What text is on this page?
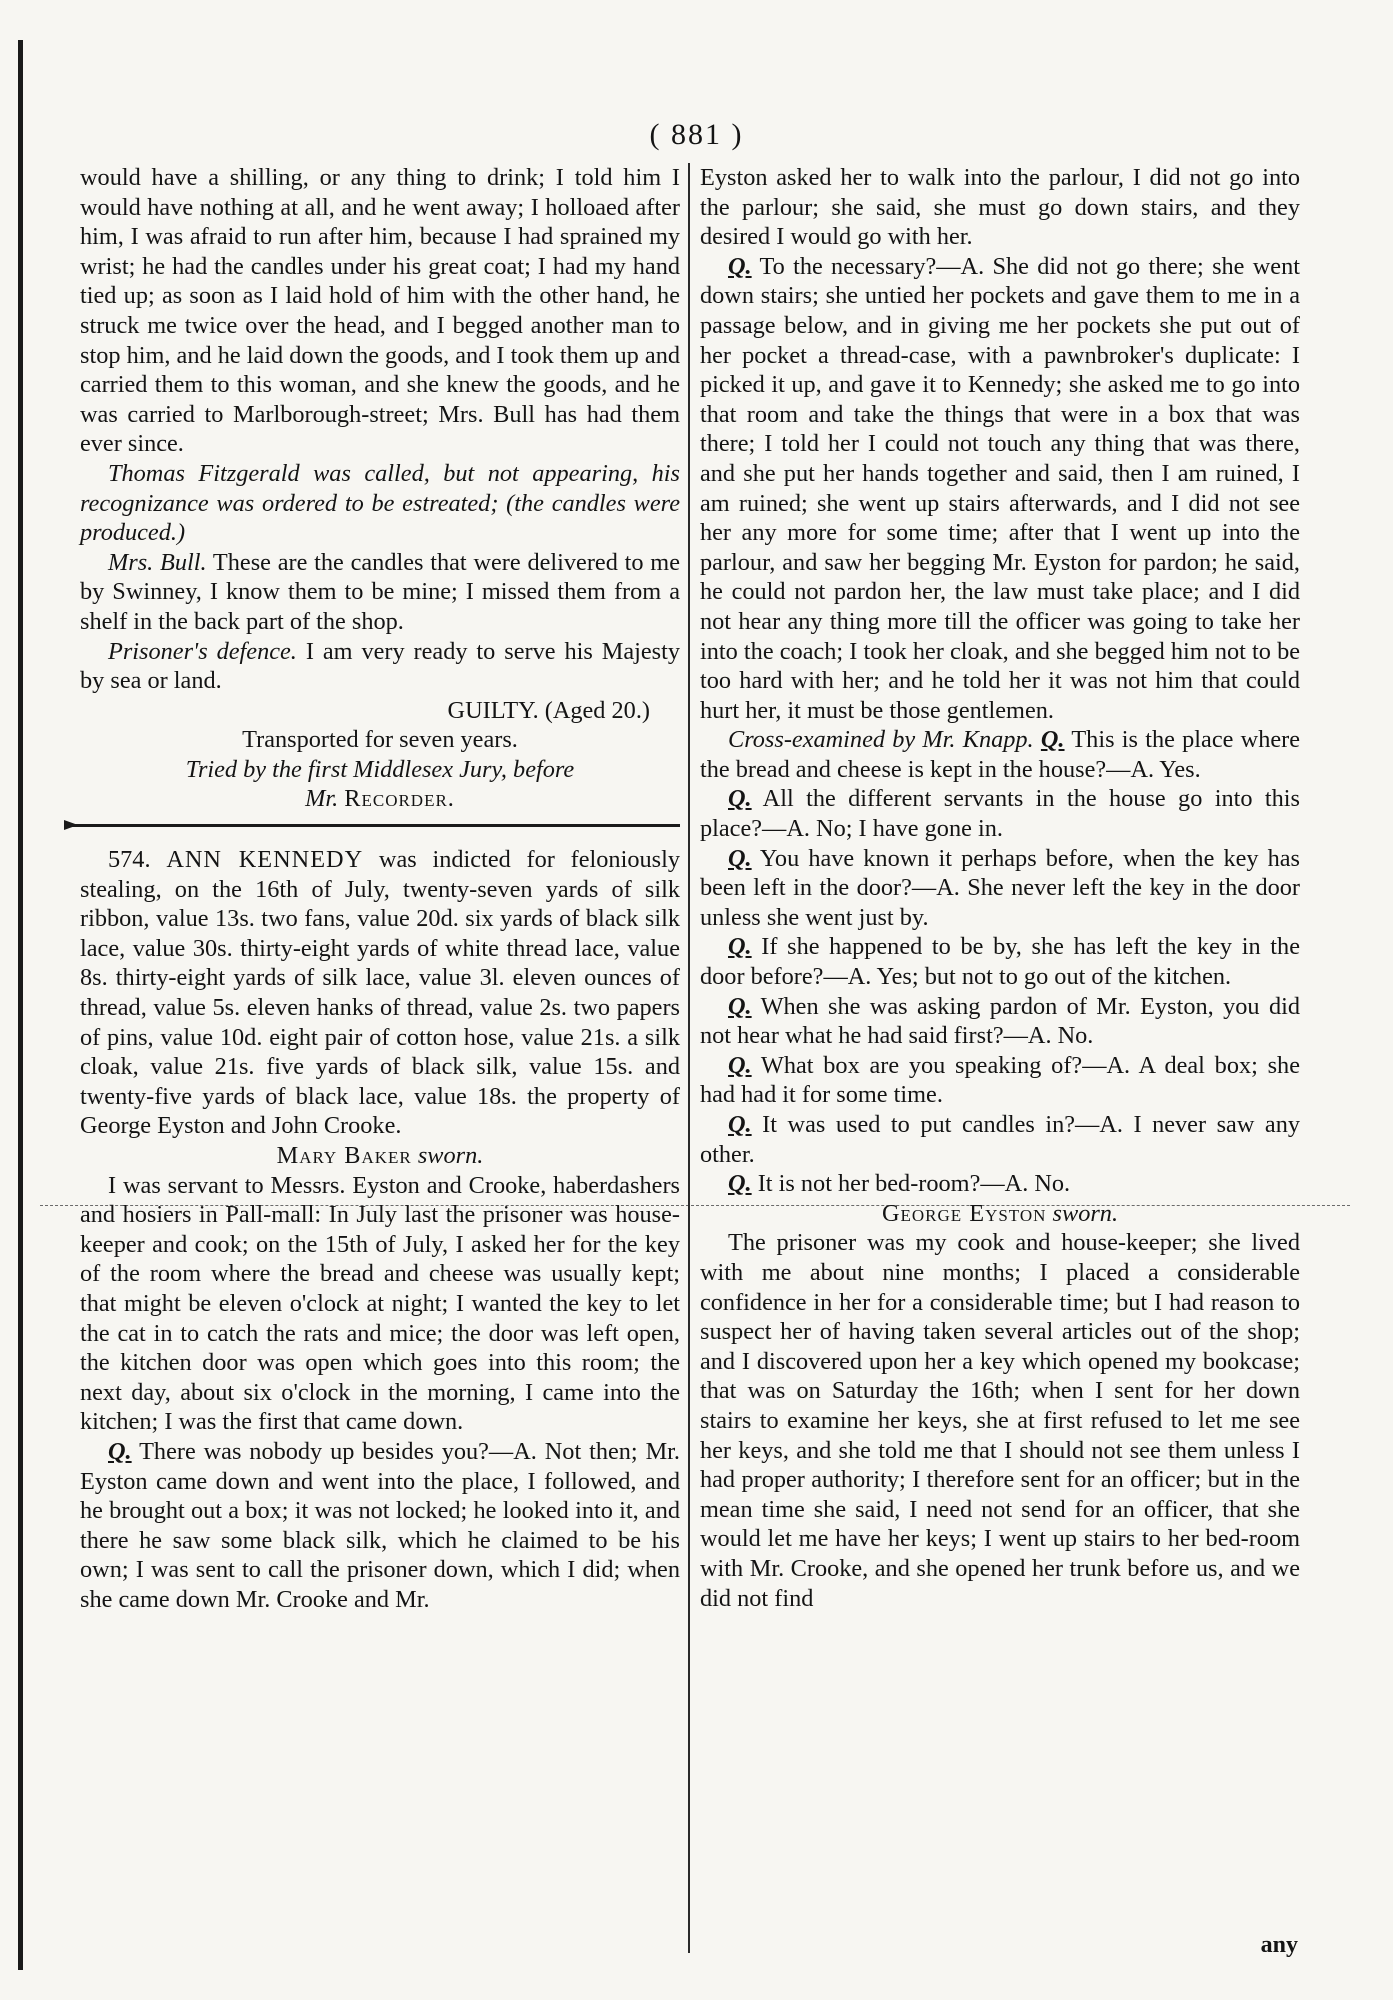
( 881 )

would have a shilling, or any thing to drink; I told him I would have nothing at all, and he went away; I holloaed after him, I was afraid to run after him, because I had sprained my wrist; he had the candles under his great coat; I had my hand tied up; as soon as I laid hold of him with the other hand, he struck me twice over the head, and I begged another man to stop him, and he laid down the goods, and I took them up and carried them to this woman, and she knew the goods, and he was carried to Marlborough-street; Mrs. Bull has had them ever since.

Thomas Fitzgerald was called, but not appearing, his recognizance was ordered to be estreated; (the candles were produced.)

Mrs. Bull. These are the candles that were delivered to me by Swinney, I know them to be mine; I missed them from a shelf in the back part of the shop.

Prisoner's defence. I am very ready to serve his Majesty by sea or land.

GUILTY. (Aged 20.)

Transported for seven years.

Tried by the first Middlesex Jury, before

Mr. Recorder.

574. ANN KENNEDY was indicted for feloniously stealing, on the 16th of July, twenty-seven yards of silk ribbon, value 13s. two fans, value 20d. six yards of black silk lace, value 30s. thirty-eight yards of white thread lace, value 8s. thirty-eight yards of silk lace, value 3l. eleven ounces of thread, value 5s. eleven hanks of thread, value 2s. two papers of pins, value 10d. eight pair of cotton hose, value 21s. a silk cloak, value 21s. five yards of black silk, value 15s. and twenty-five yards of black lace, value 18s. the property of George Eyston and John Crooke.

Mary Baker sworn.

I was servant to Messrs. Eyston and Crooke, haberdashers and hosiers in Pall-mall: In July last the prisoner was house-keeper and cook; on the 15th of July, I asked her for the key of the room where the bread and cheese was usually kept; that might be eleven o'clock at night; I wanted the key to let the cat in to catch the rats and mice; the door was left open, the kitchen door was open which goes into this room; the next day, about six o'clock in the morning, I came into the kitchen; I was the first that came down.

Q. There was nobody up besides you?—A. Not then; Mr. Eyston came down and went into the place, I followed, and he brought out a box; it was not locked; he looked into it, and there he saw some black silk, which he claimed to be his own; I was sent to call the prisoner down, which I did; when she came down Mr. Crooke and Mr.

Eyston asked her to walk into the parlour, I did not go into the parlour; she said, she must go down stairs, and they desired I would go with her.

Q. To the necessary?—A. She did not go there; she went down stairs; she untied her pockets and gave them to me in a passage below, and in giving me her pockets she put out of her pocket a thread-case, with a pawnbroker's duplicate: I picked it up, and gave it to Kennedy; she asked me to go into that room and take the things that were in a box that was there; I told her I could not touch any thing that was there, and she put her hands together and said, then I am ruined, I am ruined; she went up stairs afterwards, and I did not see her any more for some time; after that I went up into the parlour, and saw her begging Mr. Eyston for pardon; he said, he could not pardon her, the law must take place; and I did not hear any thing more till the officer was going to take her into the coach; I took her cloak, and she begged him not to be too hard with her; and he told her it was not him that could hurt her, it must be those gentlemen.

Cross-examined by Mr. Knapp. Q. This is the place where the bread and cheese is kept in the house?—A. Yes.

Q. All the different servants in the house go into this place?—A. No; I have gone in.

Q. You have known it perhaps before, when the key has been left in the door?—A. She never left the key in the door unless she went just by.

Q. If she happened to be by, she has left the key in the door before?—A. Yes; but not to go out of the kitchen.

Q. When she was asking pardon of Mr. Eyston, you did not hear what he had said first?—A. No.

Q. What box are you speaking of?—A. A deal box; she had had it for some time.

Q. It was used to put candles in?—A. I never saw any other.

Q. It is not her bed-room?—A. No.

George Eyston sworn.

The prisoner was my cook and house-keeper; she lived with me about nine months; I placed a considerable confidence in her for a considerable time; but I had reason to suspect her of having taken several articles out of the shop; and I discovered upon her a key which opened my bookcase; that was on Saturday the 16th; when I sent for her down stairs to examine her keys, she at first refused to let me see her keys, and she told me that I should not see them unless I had proper authority; I therefore sent for an officer; but in the mean time she said, I need not send for an officer, that she would let me have her keys; I went up stairs to her bed-room with Mr. Crooke, and she opened her trunk before us, and we did not find

any
